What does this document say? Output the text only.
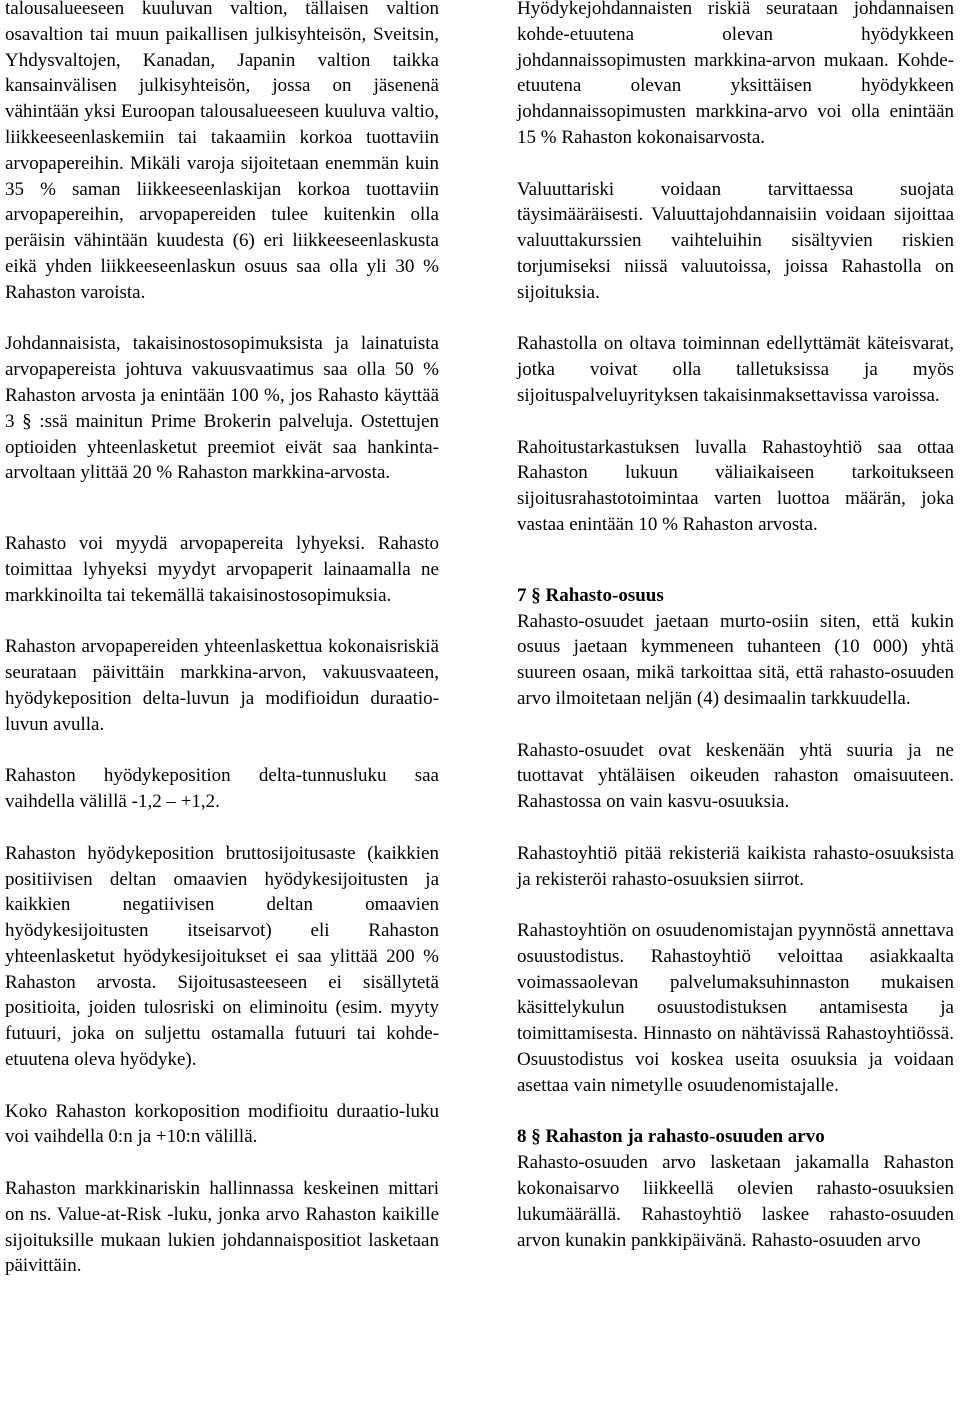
talousalueeseen kuuluvan valtion, tällaisen valtion osavaltion tai muun paikallisen julkisyhteisön, Sveitsin, Yhdysvaltojen, Kanadan, Japanin valtion taikka kansainvälisen julkisyhteisön, jossa on jäsenenä vähintään yksi Euroopan talousalueeseen kuuluva valtio, liikkeeseenlaskemiin tai takaamiin korkoa tuottaviin arvopapereihin. Mikäli varoja sijoitetaan enemmän kuin 35 % saman liikkeeseenlaskijan korkoa tuottaviin arvopapereihin, arvopapereiden tulee kuitenkin olla peräisin vähintään kuudesta (6) eri liikkeeseenlaskusta eikä yhden liikkeeseenlaskun osuus saa olla yli 30 % Rahaston varoista.

Johdannaisista, takaisinostosopimuksista ja lainatuista arvopapereista johtuva vakuusvaatimus saa olla 50 % Rahaston arvosta ja enintään 100 %, jos Rahasto käyttää 3 § :ssä mainitun Prime Brokerin palveluja. Ostettujen optioiden yhteenlasketut preemiot eivät saa hankinta-arvoltaan ylittää 20 % Rahaston markkina-arvosta.

Rahasto voi myydä arvopapereita lyhyeksi. Rahasto toimittaa lyhyeksi myydyt arvopaperit lainaamalla ne markkinoilta tai tekemällä takaisinostosopimuksia.

Rahaston arvopapereiden yhteenlaskettua kokonaisriskiä seurataan päivittäin markkina-arvon, vakuusvaateen, hyödykeposition delta-luvun ja modifioidun duraatio-luvun avulla.

Rahaston hyödykeposition delta-tunnusluku saa vaihdella välillä -1,2 – +1,2.

Rahaston hyödykeposition bruttosijoitusaste (kaikkien positiivisen deltan omaavien hyödykesijoitusten ja kaikkien negatiivisen deltan omaavien hyödykesijoitusten itseisarvot) eli Rahaston yhteenlasketut hyödykesijoitukset ei saa ylittää 200 % Rahaston arvosta. Sijoitusasteeseen ei sisällytetä positioita, joiden tulosriski on eliminoitu (esim. myyty futuuri, joka on suljettu ostamalla futuuri tai kohde-etuutena oleva hyödyke).

Koko Rahaston korkoposition modifioitu duraatio-luku voi vaihdella 0:n ja +10:n välillä.

Rahaston markkinariskin hallinnassa keskeinen mittari on ns. Value-at-Risk -luku, jonka arvo Rahaston kaikille sijoituksille mukaan lukien johdannaispositiot lasketaan päivittäin.

Hyödykejohdannaisten riskiä seurataan johdannaisen kohde-etuutena olevan hyödykkeen johdannaissopimusten markkina-arvon mukaan. Kohde-etuutena olevan yksittäisen hyödykkeen johdannaissopimusten markkina-arvo voi olla enintään 15 % Rahaston kokonaisarvosta.

Valuuttariski voidaan tarvittaessa suojata täysimääräisesti. Valuuttajohdannaisiin voidaan sijoittaa valuuttakurssien vaihteluihin sisältyvien riskien torjumiseksi niissä valuutoissa, joissa Rahastolla on sijoituksia.

Rahastolla on oltava toiminnan edellyttämät käteisvarat, jotka voivat olla talletuksissa ja myös sijoituspalveluyrityksen takaisinmaksettavissa varoissa.

Rahoitustarkastuksen luvalla Rahastoyhtiö saa ottaa Rahaston lukuun väliaikaiseen tarkoitukseen sijoitusrahastotoimintaa varten luottoa määrän, joka vastaa enintään 10 % Rahaston arvosta.

7 § Rahasto-osuus

Rahasto-osuudet jaetaan murto-osiin siten, että kukin osuus jaetaan kymmeneen tuhanteen (10 000) yhtä suureen osaan, mikä tarkoittaa sitä, että rahasto-osuuden arvo ilmoitetaan neljän (4) desimaalin tarkkuudella.

Rahasto-osuudet ovat keskenään yhtä suuria ja ne tuottavat yhtäläisen oikeuden rahaston omaisuuteen. Rahastossa on vain kasvu-osuuksia.

Rahastoyhtiö pitää rekisteriä kaikista rahasto-osuuksista ja rekisteröi rahasto-osuuksien siirrot.

Rahastoyhtiön on osuudenomistajan pyynnöstä annettava osuustodistus. Rahastoyhtiö veloittaa asiakkaalta voimassaolevan palvelumaksuhinnaston mukaisen käsittelykulun osuustodistuksen antamisesta ja toimittamisesta. Hinnasto on nähtävissä Rahastoyhtiössä. Osuustodistus voi koskea useita osuuksia ja voidaan asettaa vain nimetylle osuudenomistajalle.

8 § Rahaston ja rahasto-osuuden arvo

Rahasto-osuuden arvo lasketaan jakamalla Rahaston kokonaisarvo liikkeellä olevien rahasto-osuuksien lukumäärällä. Rahastoyhtiö laskee rahasto-osuuden arvon kunakin pankkipäivänä. Rahasto-osuuden arvo
